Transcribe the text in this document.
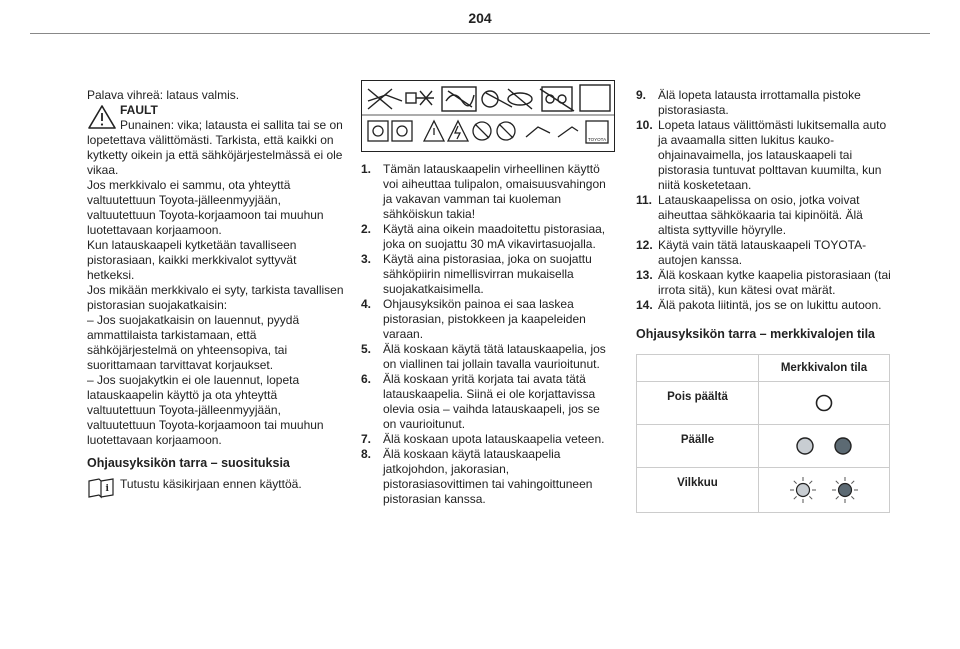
204

Palava vihreä: lataus valmis.

FAULT

Punainen: vika; latausta ei sallita tai se on lopetettava välittömästi. Tarkista, että kaikki on kytketty oikein ja että sähköjärjestelmässä ei ole vikaa.

Jos merkkivalo ei sammu, ota yhteyttä valtuutettuun Toyota-jälleenmyyjään, valtuutettuun Toyota-korjaamoon tai muuhun luotettavaan korjaamoon.

Kun latauskaapeli kytketään tavalliseen pistorasiaan, kaikki merkkivalot syttyvät hetkeksi.

Jos mikään merkkivalo ei syty, tarkista tavallisen pistorasian suojakatkaisin:

– Jos suojakatkaisin on lauennut, pyydä ammattilaista tarkistamaan, että sähköjärjestelmä on yhteensopiva, tai suorittamaan tarvittavat korjaukset.

– Jos suojakytkin ei ole lauennut, lopeta latauskaapelin käyttö ja ota yhteyttä valtuutettuun Toyota-jälleenmyyjään, valtuutettuun Toyota-korjaamoon tai muuhun luotettavaan korjaamoon.

Ohjausyksikön tarra – suosituksia
i Tutustu käsikirjaan ennen käyttöä.

TOYOTA
1. Tämän latauskaapelin virheellinen käyttö voi aiheuttaa tulipalon, omaisuusvahingon ja vakavan vamman tai kuoleman sähköiskun takia!
2. Käytä aina oikein maadoitettu pistorasiaa, joka on suojattu 30 mA vikavirtasuojalla.
3. Käytä aina pistorasiaa, joka on suojattu sähköpiirin nimellisvirran mukaisella suojakatkaisimella.
4. Ohjausyksikön painoa ei saa laskea pistorasian, pistokkeen ja kaapeleiden varaan.
5. Älä koskaan käytä tätä latauskaapelia, jos on viallinen tai jollain tavalla vaurioitunut.
6. Älä koskaan yritä korjata tai avata tätä latauskaapelia. Siinä ei ole korjattavissa olevia osia – vaihda latauskaapeli, jos se on vaurioitunut.
7. Älä koskaan upota latauskaapelia veteen.
8. Älä koskaan käytä latauskaapelia jatkojohdon, jakorasian, pistorasiasovittimen tai vahingoittuneen pistorasian kanssa.
9. Älä lopeta latausta irrottamalla pistoke pistorasiasta.
10. Lopeta lataus välittömästi lukitsemalla auto ja avaamalla sitten lukitus kauko-ohjainavaimella, jos latauskaapeli tai pistorasia tuntuvat polttavan kuumilta, kun niitä kosketetaan.
11. Latauskaapelissa on osio, jotka voivat aiheuttaa sähkökaaria tai kipinöitä. Älä altista syttyville höyrylle.
12. Käytä vain tätä latauskaapeli TOYOTA-autojen kanssa.
13. Älä koskaan kytke kaapelia pistorasiaan (tai irrota sitä), kun kätesi ovat märät.
14. Älä pakota liitintä, jos se on lukittu autoon.
Ohjausyksikön tarra – merkkivalojen tila
Merkkivalon tila
Pois päältä
Päälle
Vilkkuu
